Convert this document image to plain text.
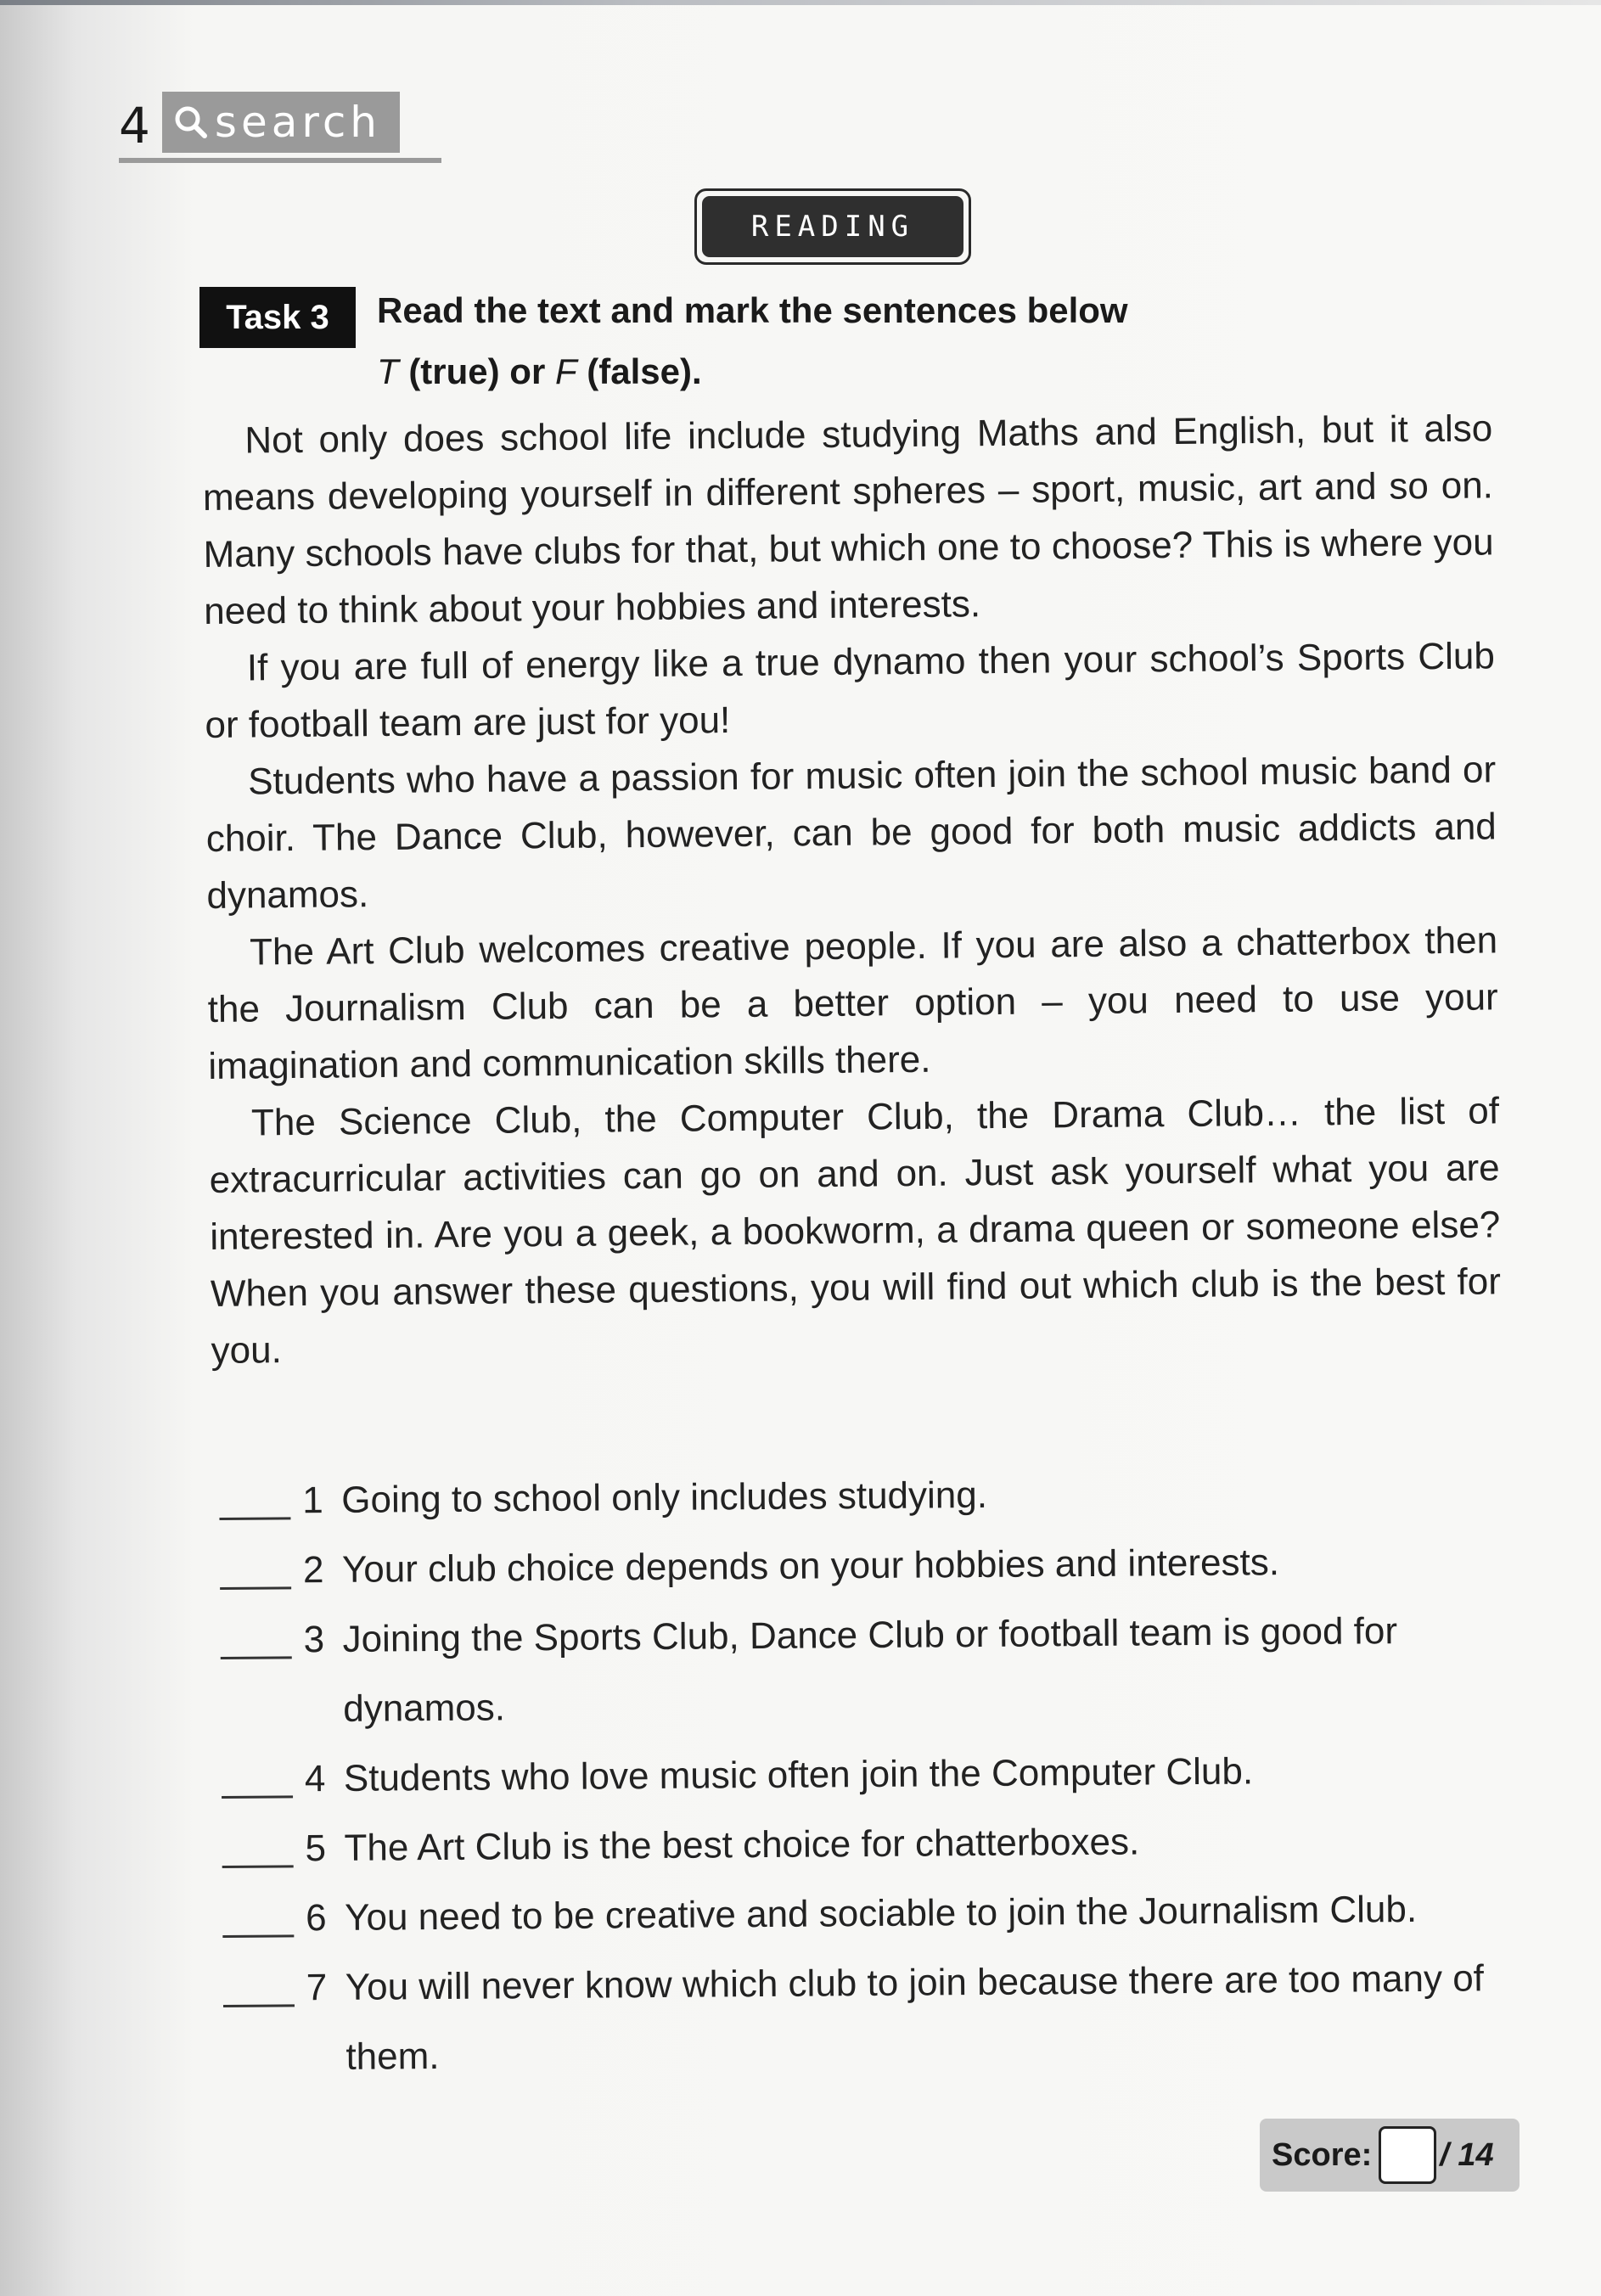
4 search
READING
Task 3	Read the text and mark the sentences below
T (true) or F (false).

Not only does school life include studying Maths and English, but it also means developing yourself in different spheres – sport, music, art and so on. Many schools have clubs for that, but which one to choose? This is where you need to think about your hobbies and interests.

If you are full of energy like a true dynamo then your school’s Sports Club or football team are just for you!

Students who have a passion for music often join the school music band or choir. The Dance Club, however, can be good for both music addicts and dynamos.

The Art Club welcomes creative people. If you are also a chatterbox then the Journalism Club can be a better option – you need to use your imagination and communication skills there.

The Science Club, the Computer Club, the Drama Club… the list of extracurricular activities can go on and on. Just ask yourself what you are interested in. Are you a geek, a bookworm, a drama queen or someone else? When you answer these questions, you will find out which club is the best for you.

1 Going to school only includes studying.
2 Your club choice depends on your hobbies and interests.
3 Joining the Sports Club, Dance Club or football team is good for dynamos.
4 Students who love music often join the Computer Club.
5 The Art Club is the best choice for chatterboxes.
6 You need to be creative and sociable to join the Journalism Club.
7 You will never know which club to join because there are too many of them.
Score: / 14
